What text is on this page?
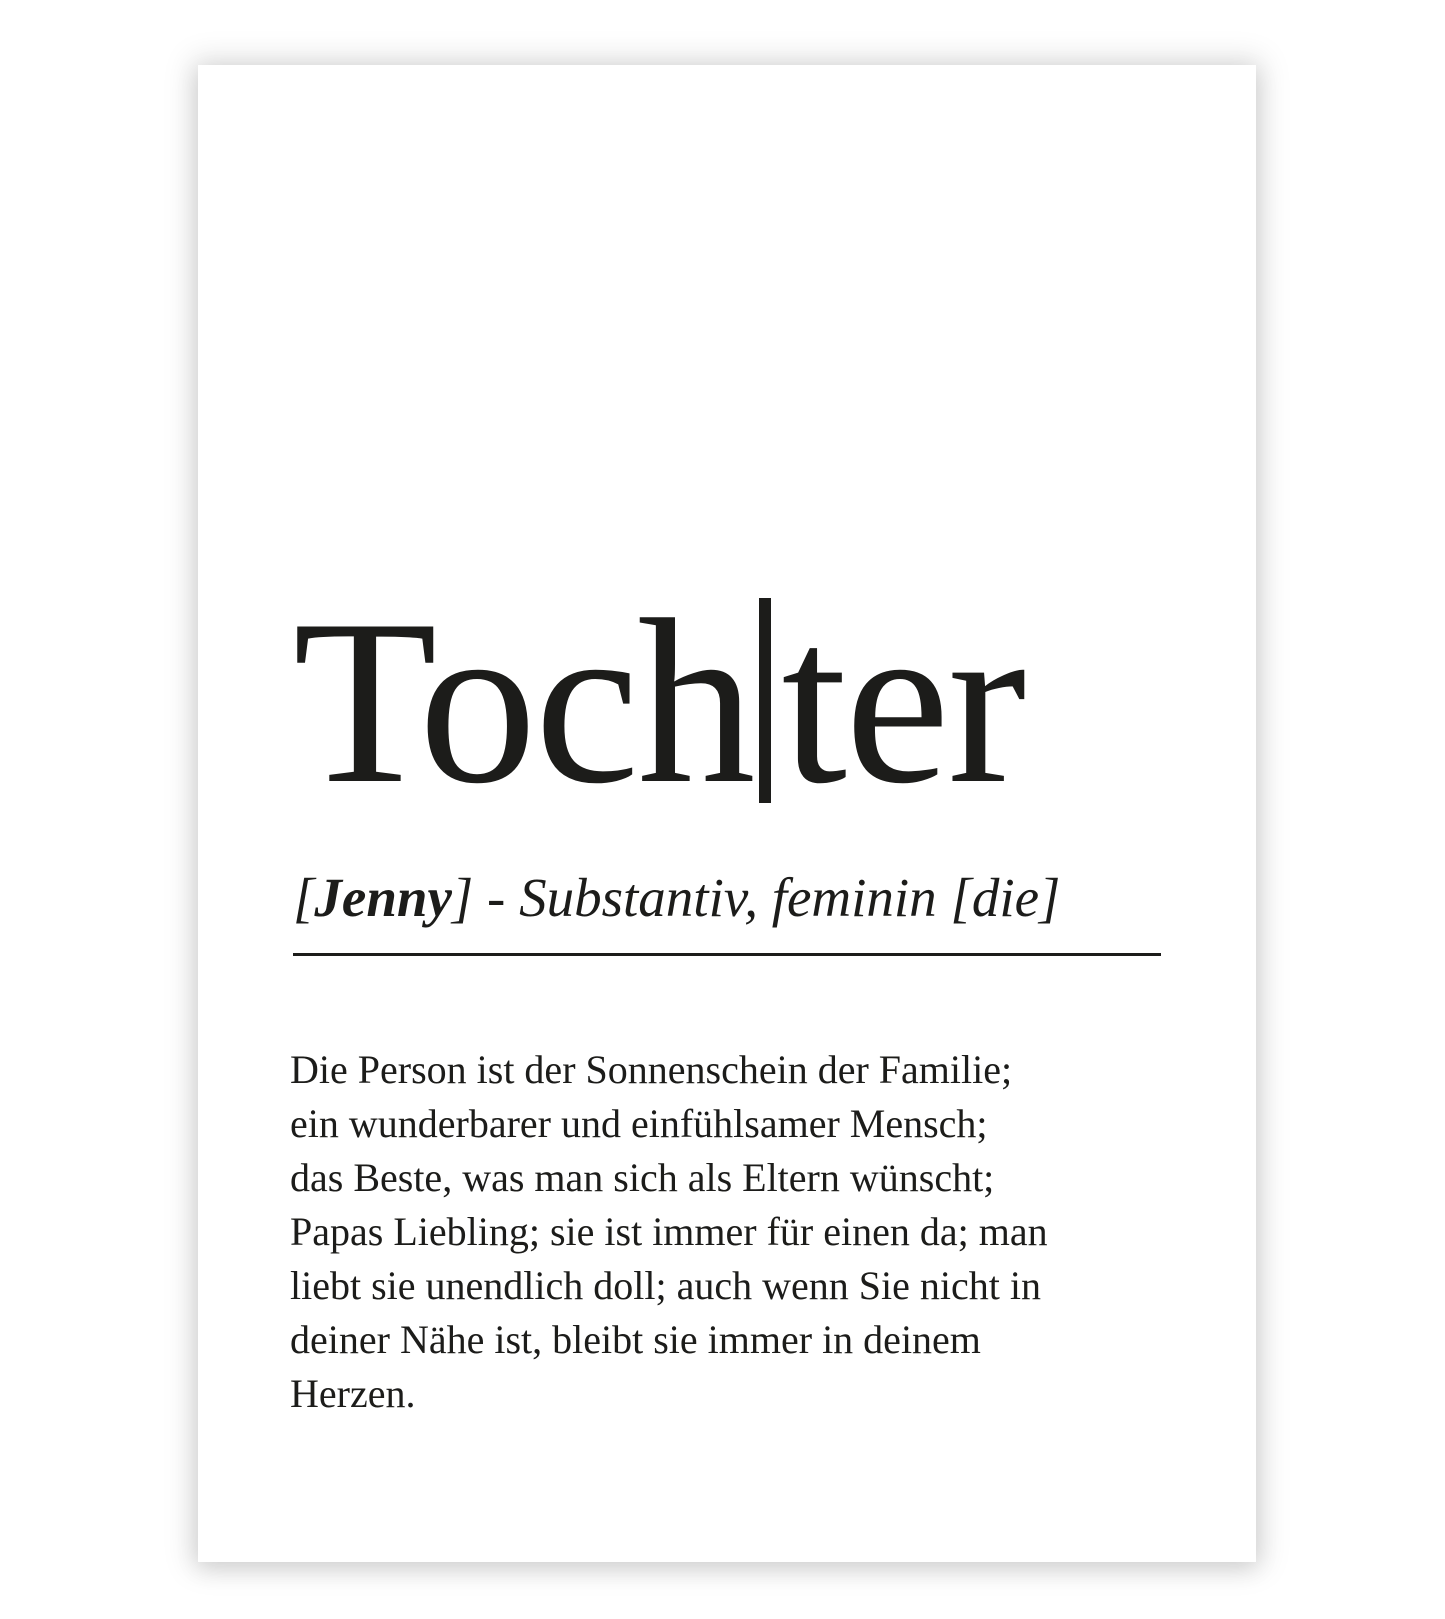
Toch ter
[Jenny] - Substantiv, feminin [die]

Die Person ist der Sonnenschein der Familie;
ein wunderbarer und einfühlsamer Mensch;
das Beste, was man sich als Eltern wünscht;
Papas Liebling; sie ist immer für einen da; man
liebt sie unendlich doll; auch wenn Sie nicht in
deiner Nähe ist, bleibt sie immer in deinem
Herzen.
